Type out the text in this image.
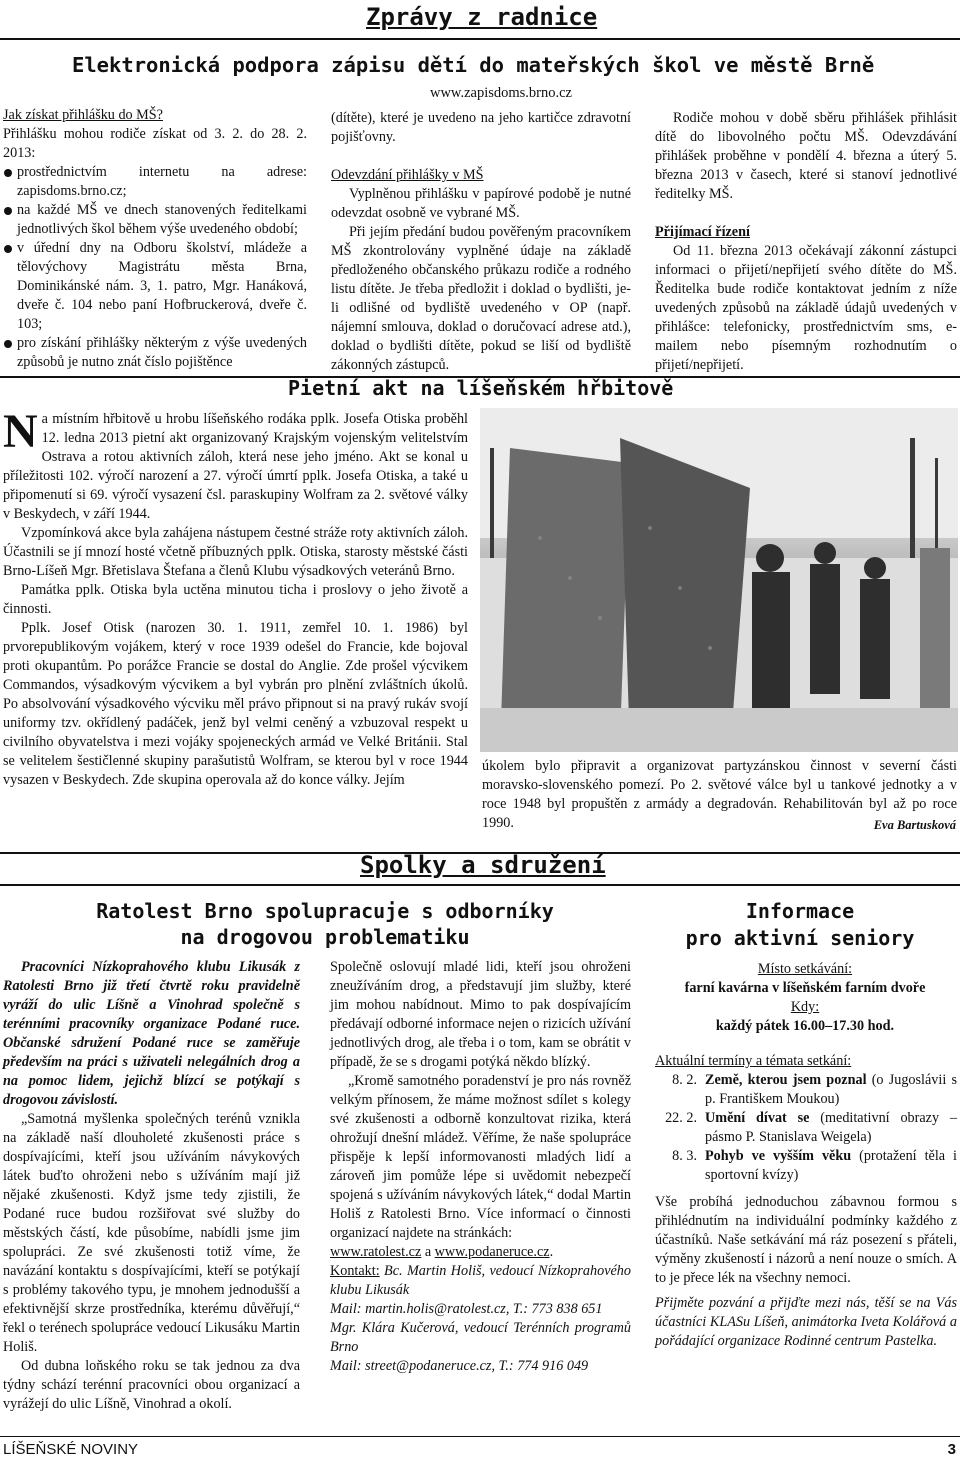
Zprávy z radnice
Elektronická podpora zápisu dětí do mateřských škol ve městě Brně
www.zapisdoms.brno.cz

Jak získat přihlášku do MŠ?

Přihlášku mohou rodiče získat od 3. 2. do 28. 2. 2013:

prostřednictvím internetu na adrese: zapisdoms.brno.cz;

na každé MŠ ve dnech stanovených ředitelkami jednotlivých škol během výše uvedeného období;

v úřední dny na Odboru školství, mládeže a tělovýchovy Magistrátu města Brna, Dominikánské nám. 3, 1. patro, Mgr. Hanáková, dveře č. 104 nebo paní Hofbruckerová, dveře č. 103;

pro získání přihlášky některým z výše uvedených způsobů je nutno znát číslo pojištěnce

(dítěte), které je uvedeno na jeho kartičce zdravotní pojišťovny.

Odevzdání přihlášky v MŠ

Vyplněnou přihlášku v papírové podobě je nutné odevzdat osobně ve vybrané MŠ.

Při jejím předání budou pověřeným pracovníkem MŠ zkontrolovány vyplněné údaje na základě předloženého občanského průkazu rodiče a rodného listu dítěte. Je třeba předložit i doklad o bydlišti, je-li odlišné od bydliště uvedeného v OP (např. nájemní smlouva, doklad o doručovací adrese atd.), doklad o bydlišti dítěte, pokud se liší od bydliště zákonných zástupců.

Rodiče mohou v době sběru přihlášek přihlásit dítě do libovolného počtu MŠ. Odevzdávání přihlášek proběhne v pondělí 4. března a úterý 5. března 2013 v časech, které si stanoví jednotlivé ředitelky MŠ.

Přijímací řízení

Od 11. března 2013 očekávají zákonní zástupci informaci o přijetí/nepřijetí svého dítěte do MŠ. Ředitelka bude rodiče kontaktovat jedním z níže uvedených způsobů na základě údajů uvedených v přihlášce: telefonicky, prostřednictvím sms, e-mailem nebo písemným rozhodnutím o přijetí/nepřijetí.

Pietní akt na líšeňském hřbitově

Na místním hřbitově u hrobu líšeňského rodáka pplk. Josefa Otiska proběhl 12. ledna 2013 pietní akt organizovaný Krajským vojenským velitelstvím Ostrava a rotou aktivních záloh, která nese jeho jméno. Akt se konal u příležitosti 102. výročí narození a 27. výročí úmrtí pplk. Josefa Otiska, a také u připomenutí si 69. výročí vysazení čsl. paraskupiny Wolfram za 2. světové války v Beskydech, v září 1944.

Vzpomínková akce byla zahájena nástupem čestné stráže roty aktivních záloh. Účastnili se jí mnozí hosté včetně příbuzných pplk. Otiska, starosty městské části Brno-Líšeň Mgr. Břetislava Štefana a členů Klubu výsadkových veteránů Brno.

Památka pplk. Otiska byla uctěna minutou ticha i proslovy o jeho životě a činnosti.

Pplk. Josef Otisk (narozen 30. 1. 1911, zemřel 10. 1. 1986) byl prvorepublikovým vojákem, který v roce 1939 odešel do Francie, kde bojoval proti okupantům. Po porážce Francie se dostal do Anglie. Zde prošel výcvikem Commandos, výsadkovým výcvikem a byl vybrán pro plnění zvláštních úkolů. Po absolvování výsadkového výcviku měl právo připnout si na pravý rukáv svojí uniformy tzv. okřídlený padáček, jenž byl velmi ceněný a vzbuzoval respekt u civilního obyvatelstva i mezi vojáky spojeneckých armád ve Velké Británii. Stal se velitelem šestičlenné skupiny parašutistů Wolfram, se kterou byl v roce 1944 vysazen v Beskydech. Zde skupina operovala až do konce války. Jejím

úkolem bylo připravit a organizovat partyzánskou činnost v severní části moravsko-slovenského pomezí. Po 2. světové válce byl u tankové jednotky a v roce 1948 byl propuštěn z armády a degradován. Rehabilitován byl až po roce 1990.	Eva Bartusková
Spolky a sdružení
Ratolest Brno spolupracuje s odborníky
na drogovou problematiku

Pracovníci Nízkoprahového klubu Likusák z Ratolesti Brno již třetí čtvrtě roku pravidelně vyráží do ulic Líšně a Vinohrad společně s terénními pracovníky organizace Podané ruce. Občanské sdružení Podané ruce se zaměřuje především na práci s uživateli nelegálních drog a na pomoc lidem, jejichž blízcí se potýkají s drogovou závislostí.

„Samotná myšlenka společných terénů vznikla na základě naší dlouholeté zkušenosti práce s dospívajícími, kteří jsou užíváním návykových látek buďto ohroženi nebo s užíváním mají již nějaké zkušenosti. Když jsme tedy zjistili, že Podané ruce budou rozšiřovat své služby do městských částí, kde působíme, nabídli jsme jim spolupráci. Ze své zkušenosti totiž víme, že navázání kontaktu s dospívajícími, kteří se potýkají s problémy takového typu, je mnohem jednodušší a efektivnější skrze prostředníka, kterému důvěřují,“ řekl o terénech spolupráce vedoucí Likusáku Martin Holiš.

Od dubna loňského roku se tak jednou za dva týdny schází terénní pracovníci obou organizací a vyrážejí do ulic Líšně, Vinohrad a okolí.

Společně oslovují mladé lidi, kteří jsou ohroženi zneužíváním drog, a představují jim služby, které jim mohou nabídnout. Mimo to pak dospívajícím předávají odborné informace nejen o rizicích užívání jednotlivých drog, ale třeba i o tom, kam se obrátit v případě, že se s drogami potýká někdo blízký.

„Kromě samotného poradenství je pro nás rovněž velkým přínosem, že máme možnost sdílet s kolegy své zkušenosti a odborně konzultovat rizika, která ohrožují dnešní mládež. Věříme, že naše spolupráce přispěje k lepší informovanosti mladých lidí a zároveň jim pomůže lépe si uvědomit nebezpečí spojená s užíváním návykových látek,“ dodal Martin Holiš z Ratolesti Brno. Více informací o činnosti organizací najdete na stránkách:

www.ratolest.cz a www.podaneruce.cz.

Kontakt: Bc. Martin Holiš, vedoucí Nízkoprahového klubu Likusák

Mail: martin.holis@ratolest.cz, T.: 773 838 651

Mgr. Klára Kučerová, vedoucí Terénních programů Brno

Mail: street@podaneruce.cz, T.: 774 916 049

Informace
pro aktivní seniory

Místo setkávání:

farní kavárna v líšeňském farním dvoře

Kdy:

každý pátek 16.00–17.30 hod.

Aktuální termíny a témata setkání:

8. 2. Země, kterou jsem poznal (o Jugoslávii s p. Františkem Moukou)
22. 2. Umění dívat se (meditativní obrazy – pásmo P. Stanislava Weigela)
8. 3. Pohyb ve vyšším věku (protažení těla i sportovní kvízy)

Vše probíhá jednoduchou zábavnou formou s přihlédnutím na individuální podmínky každého z účastníků. Naše setkávání má ráz posezení s přáteli, výměny zkušeností i názorů a není nouze o smích. A to je přece lék na všechny nemoci.

Přijměte pozvání a přijďte mezi nás, těší se na Vás účastníci KLASu Líšeň, animátorka Iveta Kolářová a pořádající organizace Rodinné centrum Pastelka.

LÍŠEŇSKÉ NOVINY	3
